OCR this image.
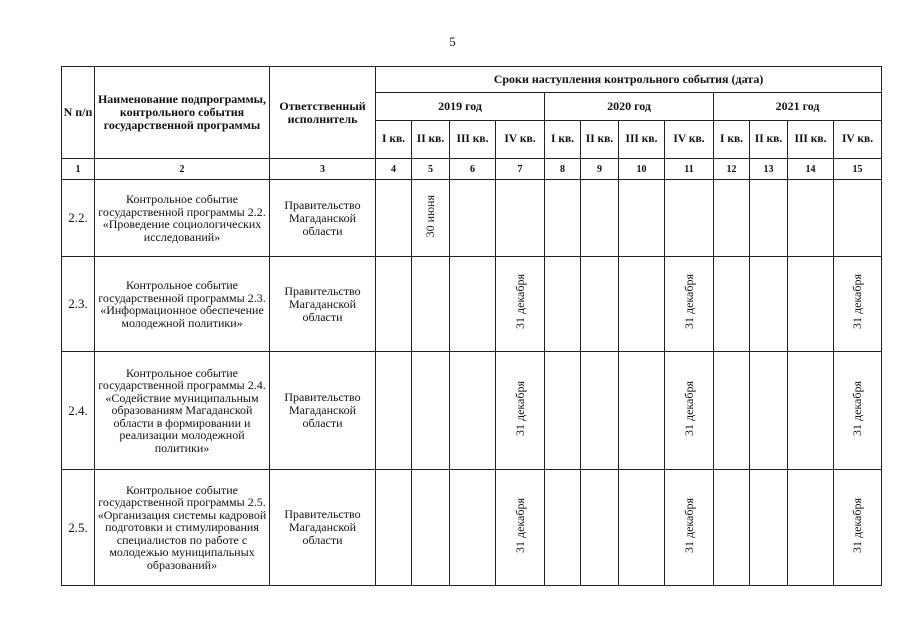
5
N п/п	Наименование подпрограммы, контрольного события государственной программы	Ответственный исполнитель	Сроки наступления контрольного события (дата)											
			2019 год				2020 год				2021 год			
			I кв.	II кв.	III кв.	IV кв.	I кв.	II кв.	III кв.	IV кв.	I кв.	II кв.	III кв.	IV кв.
1	2	3	4	5	6	7	8	9	10	11	12	13	14	15
2.2.	Контрольное событие государственной программы 2.2. «Проведение социологических исследований»	Правительство Магаданской области		30 июня										
2.3.	Контрольное событие государственной программы 2.3. «Информационное обеспечение молодежной политики»	Правительство Магаданской области				31 декабря				31 декабря				31 декабря
2.4.	Контрольное событие государственной программы 2.4. «Содействие муниципальным образованиям Магаданской области в формировании и реализации молодежной политики»	Правительство Магаданской области				31 декабря				31 декабря				31 декабря
2.5.	Контрольное событие государственной программы 2.5. «Организация системы кадровой подготовки и стимулирования специалистов по работе с молодежью муниципальных образований»	Правительство Магаданской области				31 декабря				31 декабря				31 декабря
